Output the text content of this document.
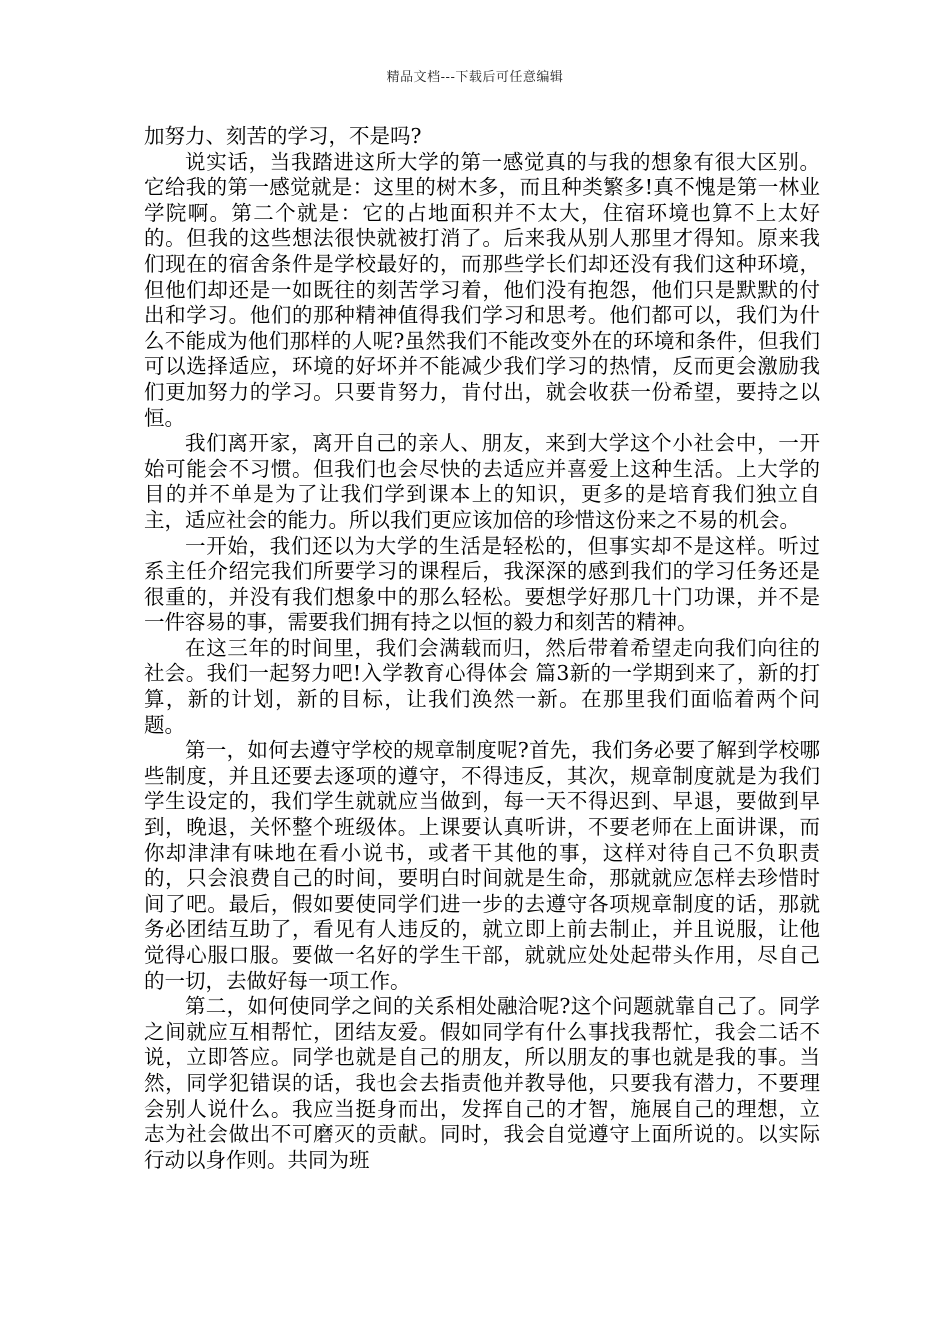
精品文档---下载后可任意编辑

加努力、刻苦的学习，不是吗?

说实话，当我踏进这所大学的第一感觉真的与我的想象有很大区别。它给我的第一感觉就是：这里的树木多，而且种类繁多!真不愧是第一林业学院啊。第二个就是：它的占地面积并不太大，住宿环境也算不上太好的。但我的这些想法很快就被打消了。后来我从别人那里才得知。原来我们现在的宿舍条件是学校最好的，而那些学长们却还没有我们这种环境，但他们却还是一如既往的刻苦学习着，他们没有抱怨，他们只是默默的付出和学习。他们的那种精神值得我们学习和思考。他们都可以，我们为什么不能成为他们那样的人呢?虽然我们不能改变外在的环境和条件，但我们可以选择适应，环境的好坏并不能减少我们学习的热情，反而更会激励我们更加努力的学习。只要肯努力，肯付出，就会收获一份希望，要持之以恒。

我们离开家，离开自己的亲人、朋友，来到大学这个小社会中，一开始可能会不习惯。但我们也会尽快的去适应并喜爱上这种生活。上大学的目的并不单是为了让我们学到课本上的知识，更多的是培育我们独立自主，适应社会的能力。所以我们更应该加倍的珍惜这份来之不易的机会。

一开始，我们还以为大学的生活是轻松的，但事实却不是这样。听过系主任介绍完我们所要学习的课程后，我深深的感到我们的学习任务还是很重的，并没有我们想象中的那么轻松。要想学好那几十门功课，并不是一件容易的事，需要我们拥有持之以恒的毅力和刻苦的精神。

在这三年的时间里，我们会满载而归，然后带着希望走向我们向往的社会。我们一起努力吧!入学教育心得体会 篇3新的一学期到来了，新的打算，新的计划，新的目标，让我们涣然一新。在那里我们面临着两个问题。

第一，如何去遵守学校的规章制度呢?首先，我们务必要了解到学校哪些制度，并且还要去逐项的遵守，不得违反，其次，规章制度就是为我们学生设定的，我们学生就就应当做到，每一天不得迟到、早退，要做到早到，晚退，关怀整个班级体。上课要认真听讲，不要老师在上面讲课，而你却津津有味地在看小说书，或者干其他的事，这样对待自己不负职责的，只会浪费自己的时间，要明白时间就是生命，那就就应怎样去珍惜时间了吧。最后，假如要使同学们进一步的去遵守各项规章制度的话，那就务必团结互助了，看见有人违反的，就立即上前去制止，并且说服，让他觉得心服口服。要做一名好的学生干部，就就应处处起带头作用，尽自己的一切，去做好每一项工作。

第二，如何使同学之间的关系相处融洽呢?这个问题就靠自己了。同学之间就应互相帮忙，团结友爱。假如同学有什么事找我帮忙，我会二话不说，立即答应。同学也就是自己的朋友，所以朋友的事也就是我的事。当然，同学犯错误的话，我也会去指责他并教导他，只要我有潜力，不要理会别人说什么。我应当挺身而出，发挥自己的才智，施展自己的理想，立志为社会做出不可磨灭的贡献。同时，我会自觉遵守上面所说的。以实际行动以身作则。共同为班
